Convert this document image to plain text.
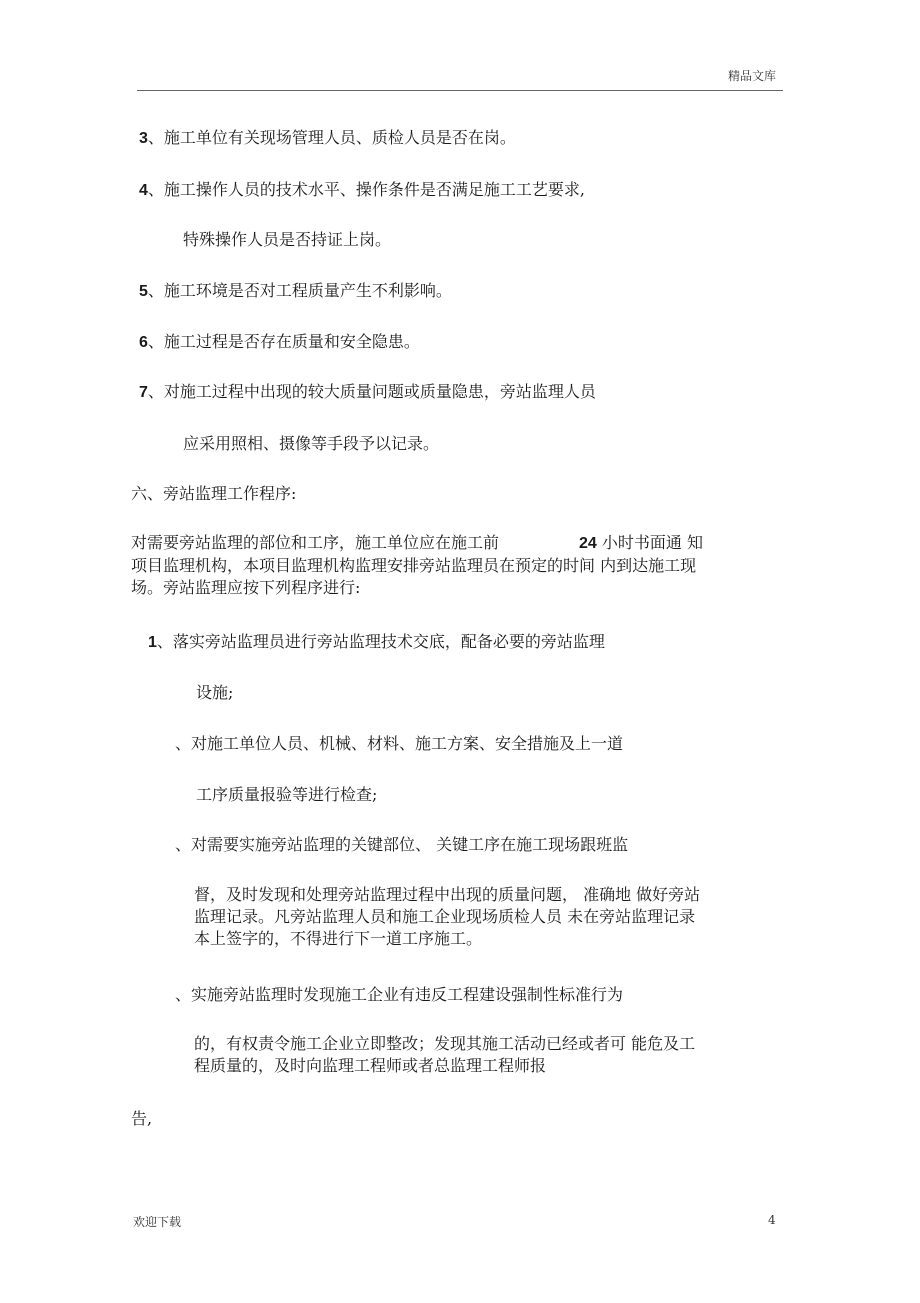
精品文库
3、施工单位有关现场管理人员、质检人员是否在岗。
4、施工操作人员的技术水平、操作条件是否满足施工工艺要求,
特殊操作人员是否持证上岗。
5、施工环境是否对工程质量产生不利影响。
6、施工过程是否存在质量和安全隐患。
7、对施工过程中出现的较大质量问题或质量隐患，旁站监理人员
应采用照相、摄像等手段予以记录。
六、旁站监理工作程序:
对需要旁站监理的部位和工序，施工单位应在施工前	24 小时书面通 知
项目监理机构，本项目监理机构监理安排旁站监理员在预定的时间 内到达施工现
场。旁站监理应按下列程序进行:
1、落实旁站监理员进行旁站监理技术交底，配备必要的旁站监理
设施;
、对施工单位人员、机械、材料、施工方案、安全措施及上一道
工序质量报验等进行检查;
、对需要实施旁站监理的关键部位、 关键工序在施工现场跟班监
督，及时发现和处理旁站监理过程中出现的质量问题， 准确地 做好旁站
监理记录。凡旁站监理人员和施工企业现场质检人员 未在旁站监理记录
本上签字的，不得进行下一道工序施工。
、实施旁站监理时发现施工企业有违反工程建设强制性标准行为
的，有权责令施工企业立即整改；发现其施工活动已经或者可 能危及工
程质量的，及时向监理工程师或者总监理工程师报
告,
欢迎下载	4
